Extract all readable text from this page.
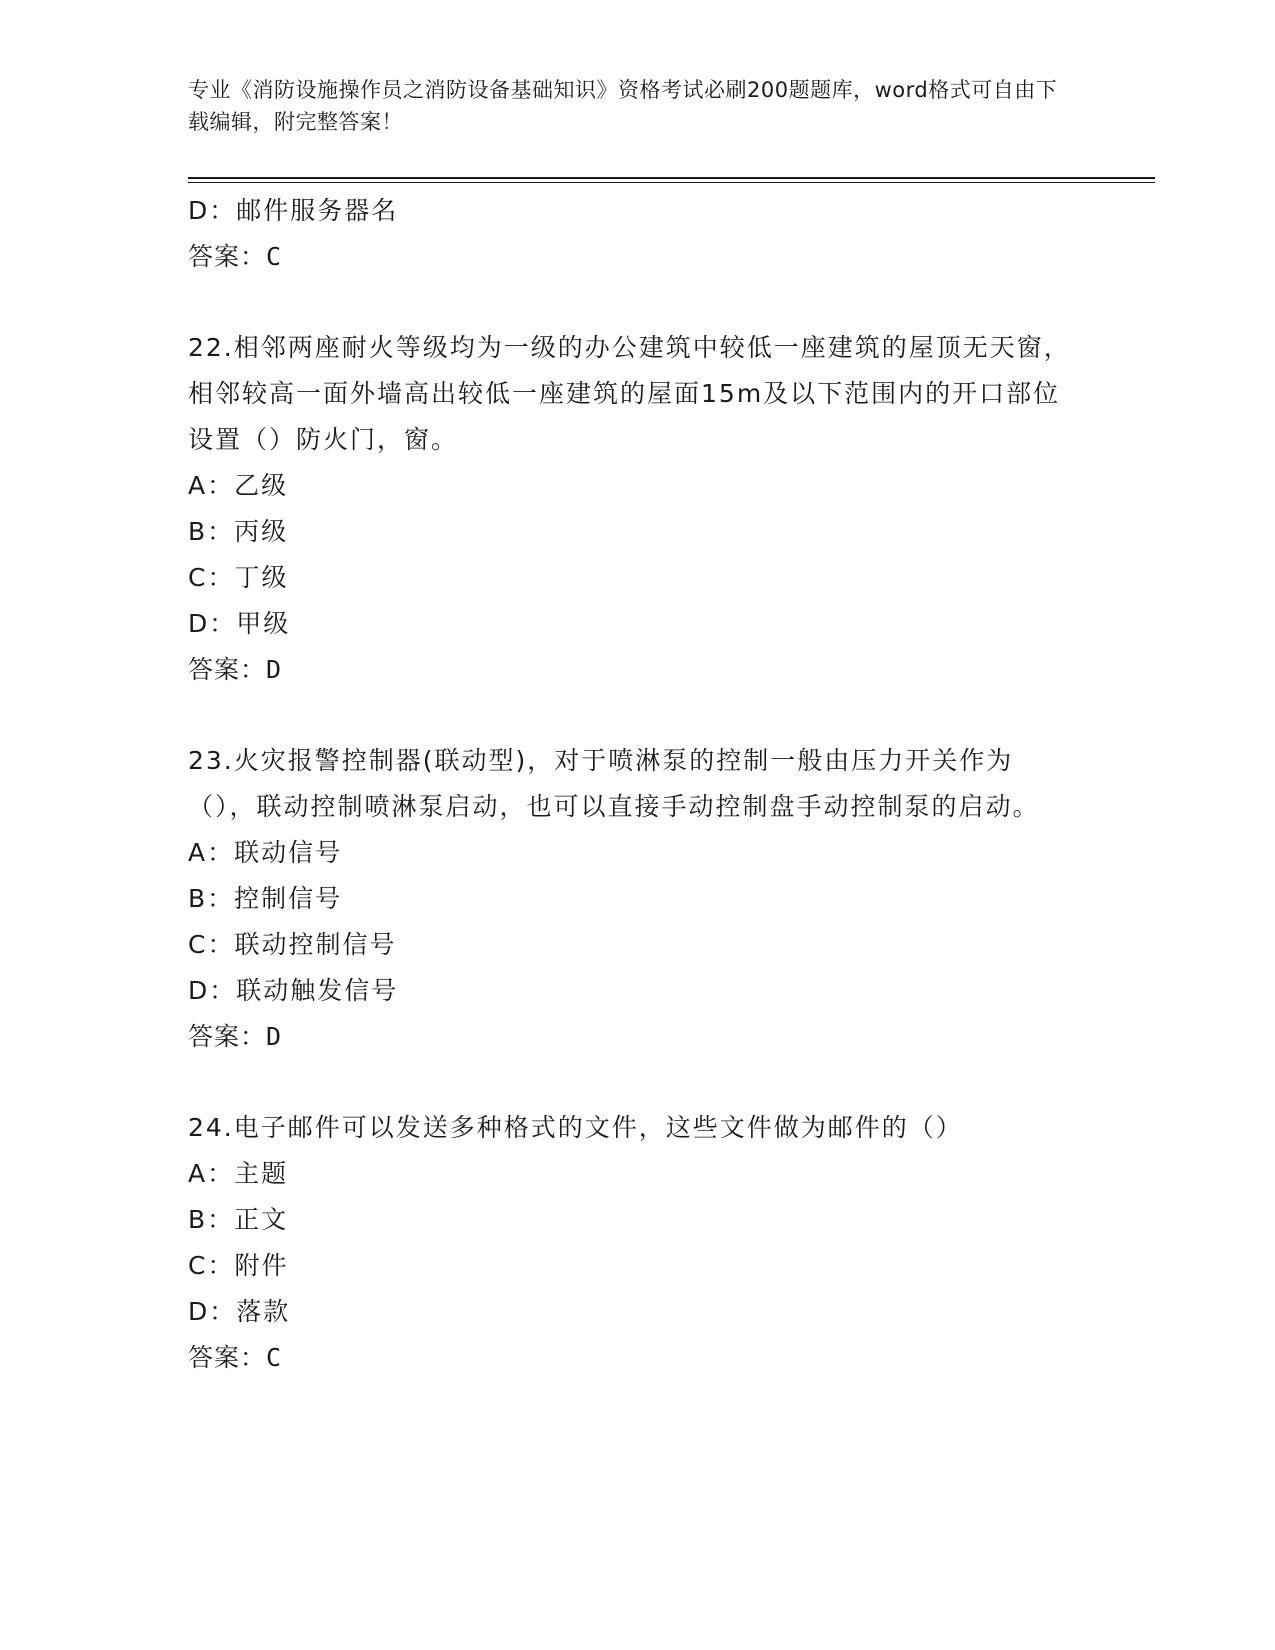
专业《消防设施操作员之消防设备基础知识》资格考试必刷200题题库，word格式可自由下载编辑，附完整答案！
D：邮件服务器名
答案：C
22.相邻两座耐火等级均为一级的办公建筑中较低一座建筑的屋顶无天窗，相邻较高一面外墙高出较低一座建筑的屋面15m及以下范围内的开口部位设置（）防火门，窗。
A：乙级
B：丙级
C：丁级
D：甲级
答案：D
23.火灾报警控制器(联动型)，对于喷淋泵的控制一般由压力开关作为（），联动控制喷淋泵启动，也可以直接手动控制盘手动控制泵的启动。
A：联动信号
B：控制信号
C：联动控制信号
D：联动触发信号
答案：D
24.电子邮件可以发送多种格式的文件，这些文件做为邮件的（）
A：主题
B：正文
C：附件
D：落款
答案：C
